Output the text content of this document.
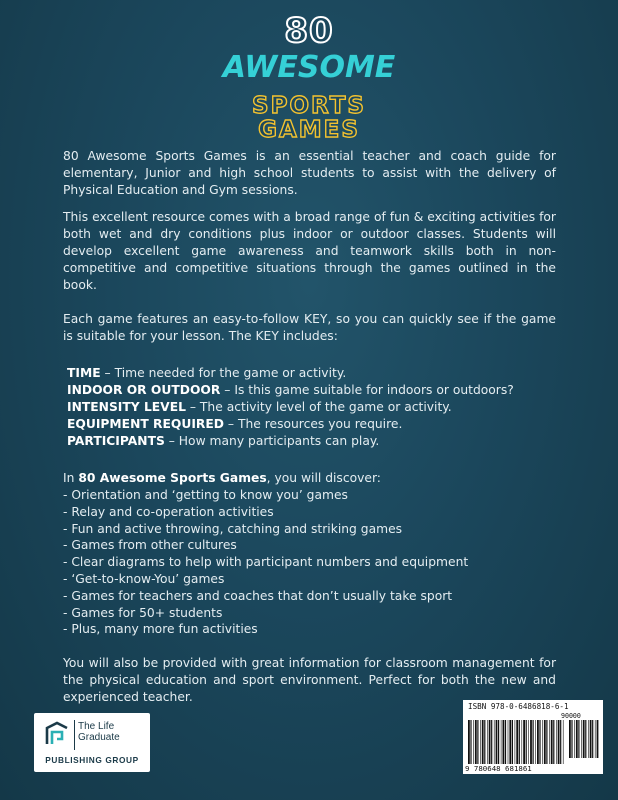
80
AWESOME
SPORTS
GAMES

80 Awesome Sports Games is an essential teacher and coach guide for elementary, Junior and high school students to assist with the delivery of Physical Education and Gym sessions.

This excellent resource comes with a broad range of fun & exciting activities for both wet and dry conditions plus indoor or outdoor classes. Students will develop excellent game awareness and teamwork skills both in non-competitive and competitive situations through the games outlined in the book.

Each game features an easy-to-follow KEY, so you can quickly see if the game is suitable for your lesson. The KEY includes:

TIME – Time needed for the game or activity.
INDOOR OR OUTDOOR – Is this game suitable for indoors or outdoors?
INTENSITY LEVEL – The activity level of the game or activity.
EQUIPMENT REQUIRED – The resources you require.
PARTICIPANTS – How many participants can play.
In 80 Awesome Sports Games, you will discover:
- Orientation and ‘getting to know you’ games
- Relay and co-operation activities
- Fun and active throwing, catching and striking games
- Games from other cultures
- Clear diagrams to help with participant numbers and equipment
- ‘Get-to-know-You’ games
- Games for teachers and coaches that don’t usually take sport
- Games for 50+ students
- Plus, many more fun activities

You will also be provided with great information for classroom management for the physical education and sport environment. Perfect for both the new and experienced teacher.

The Life
Graduate
PUBLISHING GROUP
ISBN 978-0-6486818-6-1
90000
9 780648 681861
